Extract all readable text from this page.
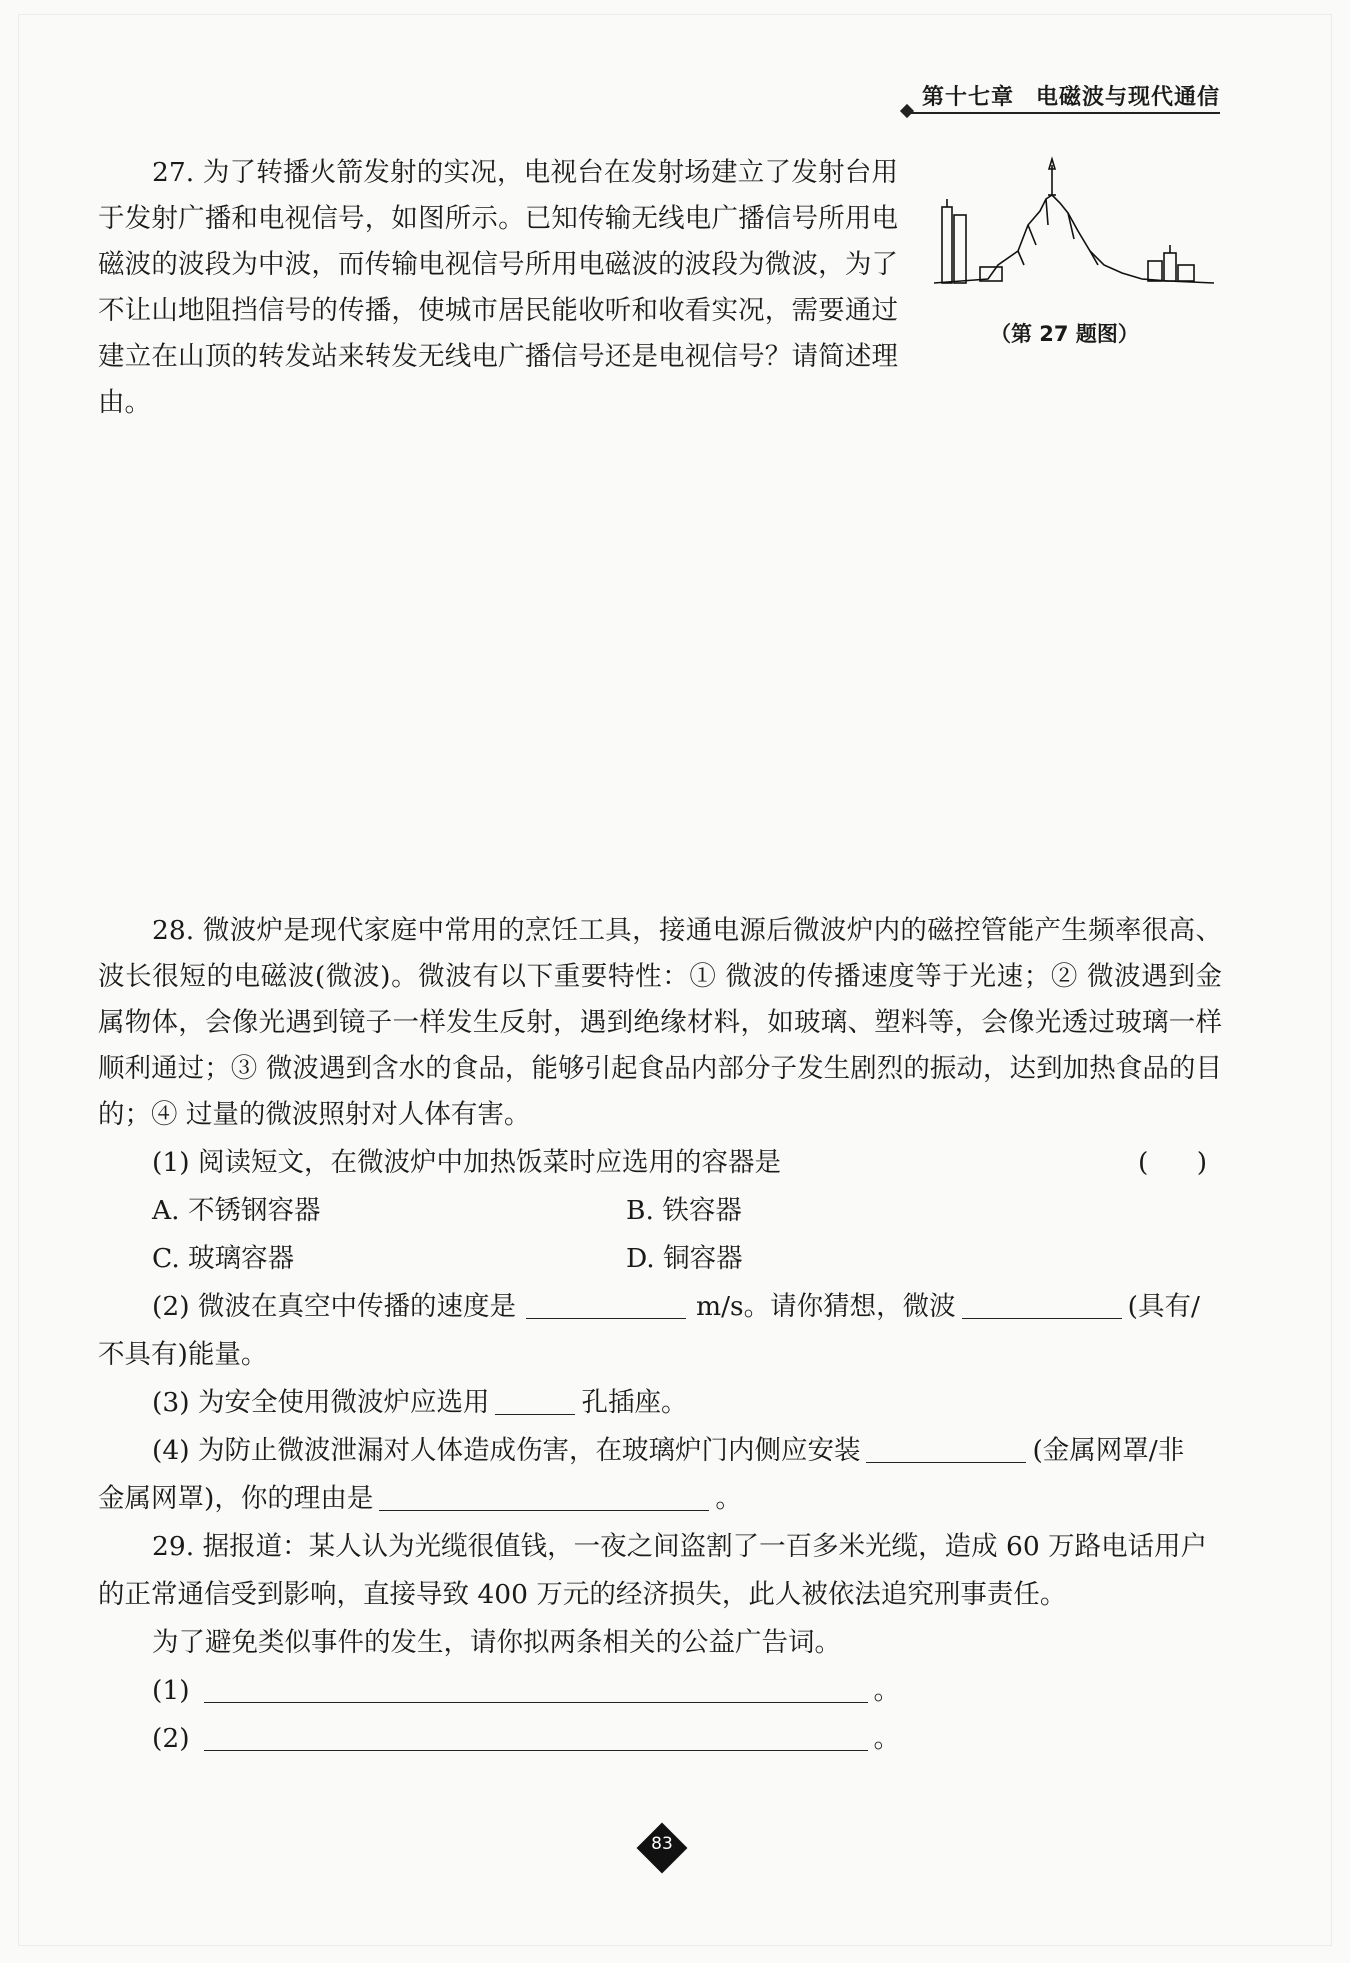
第十七章 电磁波与现代通信
27. 为了转播火箭发射的实况，电视台在发射场建立了发射台用于发射广播和电视信号，如图所示。已知传输无线电广播信号所用电磁波的波段为中波，而传输电视信号所用电磁波的波段为微波，为了不让山地阻挡信号的传播，使城市居民能收听和收看实况，需要通过建立在山顶的转发站来转发无线电广播信号还是电视信号？请简述理由。
（第 27 题图）
28. 微波炉是现代家庭中常用的烹饪工具，接通电源后微波炉内的磁控管能产生频率很高、波长很短的电磁波(微波)。微波有以下重要特性：① 微波的传播速度等于光速；② 微波遇到金属物体，会像光遇到镜子一样发生反射，遇到绝缘材料，如玻璃、塑料等，会像光透过玻璃一样顺利通过；③ 微波遇到含水的食品，能够引起食品内部分子发生剧烈的振动，达到加热食品的目的；④ 过量的微波照射对人体有害。
(1) 阅读短文，在微波炉中加热饭菜时应选用的容器是	( )
A. 不锈钢容器	B. 铁容器
C. 玻璃容器	D. 铜容器
(2) 微波在真空中传播的速度是	m/s。请你猜想，微波	(具有/
不具有)能量。
(3) 为安全使用微波炉应选用	孔插座。
(4) 为防止微波泄漏对人体造成伤害，在玻璃炉门内侧应安装	(金属网罩/非
金属网罩)，你的理由是	。
29. 据报道：某人认为光缆很值钱，一夜之间盗割了一百多米光缆，造成 60 万路电话用户
的正常通信受到影响，直接导致 400 万元的经济损失，此人被依法追究刑事责任。
为了避免类似事件的发生，请你拟两条相关的公益广告词。
(1)	。
(2)	。
83
